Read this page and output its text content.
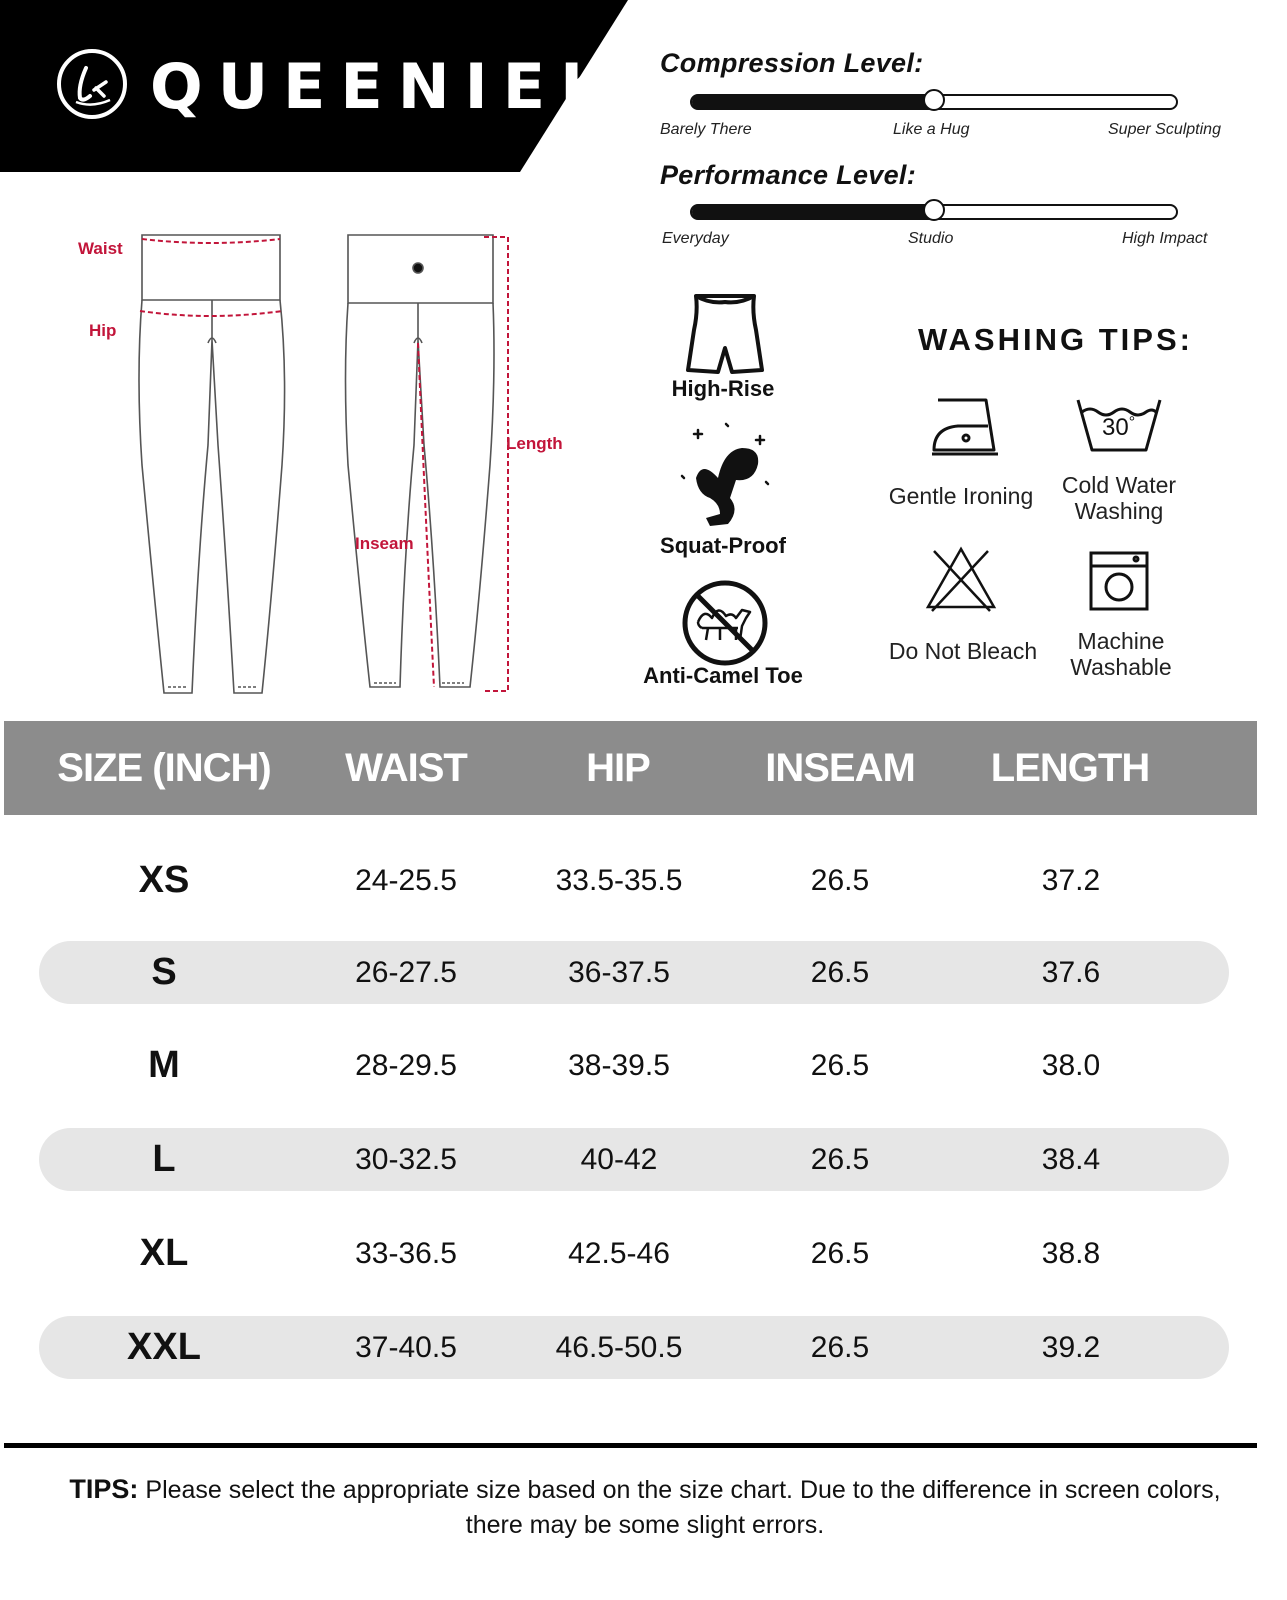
QUEENIEKE
Compression Level:
Barely There	Like a Hug	Super Sculpting
Performance Level:
Everyday	Studio	High Impact
Waist
Hip
Length
Inseam
High-Rise
Squat-Proof
Anti-Camel Toe
WASHING TIPS:
Gentle Ironing
30°
Cold Water
Washing
Do Not Bleach	Machine
Washable
SIZE (INCH)	WAIST	HIP	INSEAM	LENGTH
XS	24-25.5	33.5-35.5	26.5	37.2
S	26-27.5	36-37.5	26.5	37.6
M	28-29.5	38-39.5	26.5	38.0
L	30-32.5	40-42	26.5	38.4
XL	33-36.5	42.5-46	26.5	38.8
XXL	37-40.5	46.5-50.5	26.5	39.2
TIPS: Please select the appropriate size based on the size chart. Due to the difference in screen colors, there may be some slight errors.
